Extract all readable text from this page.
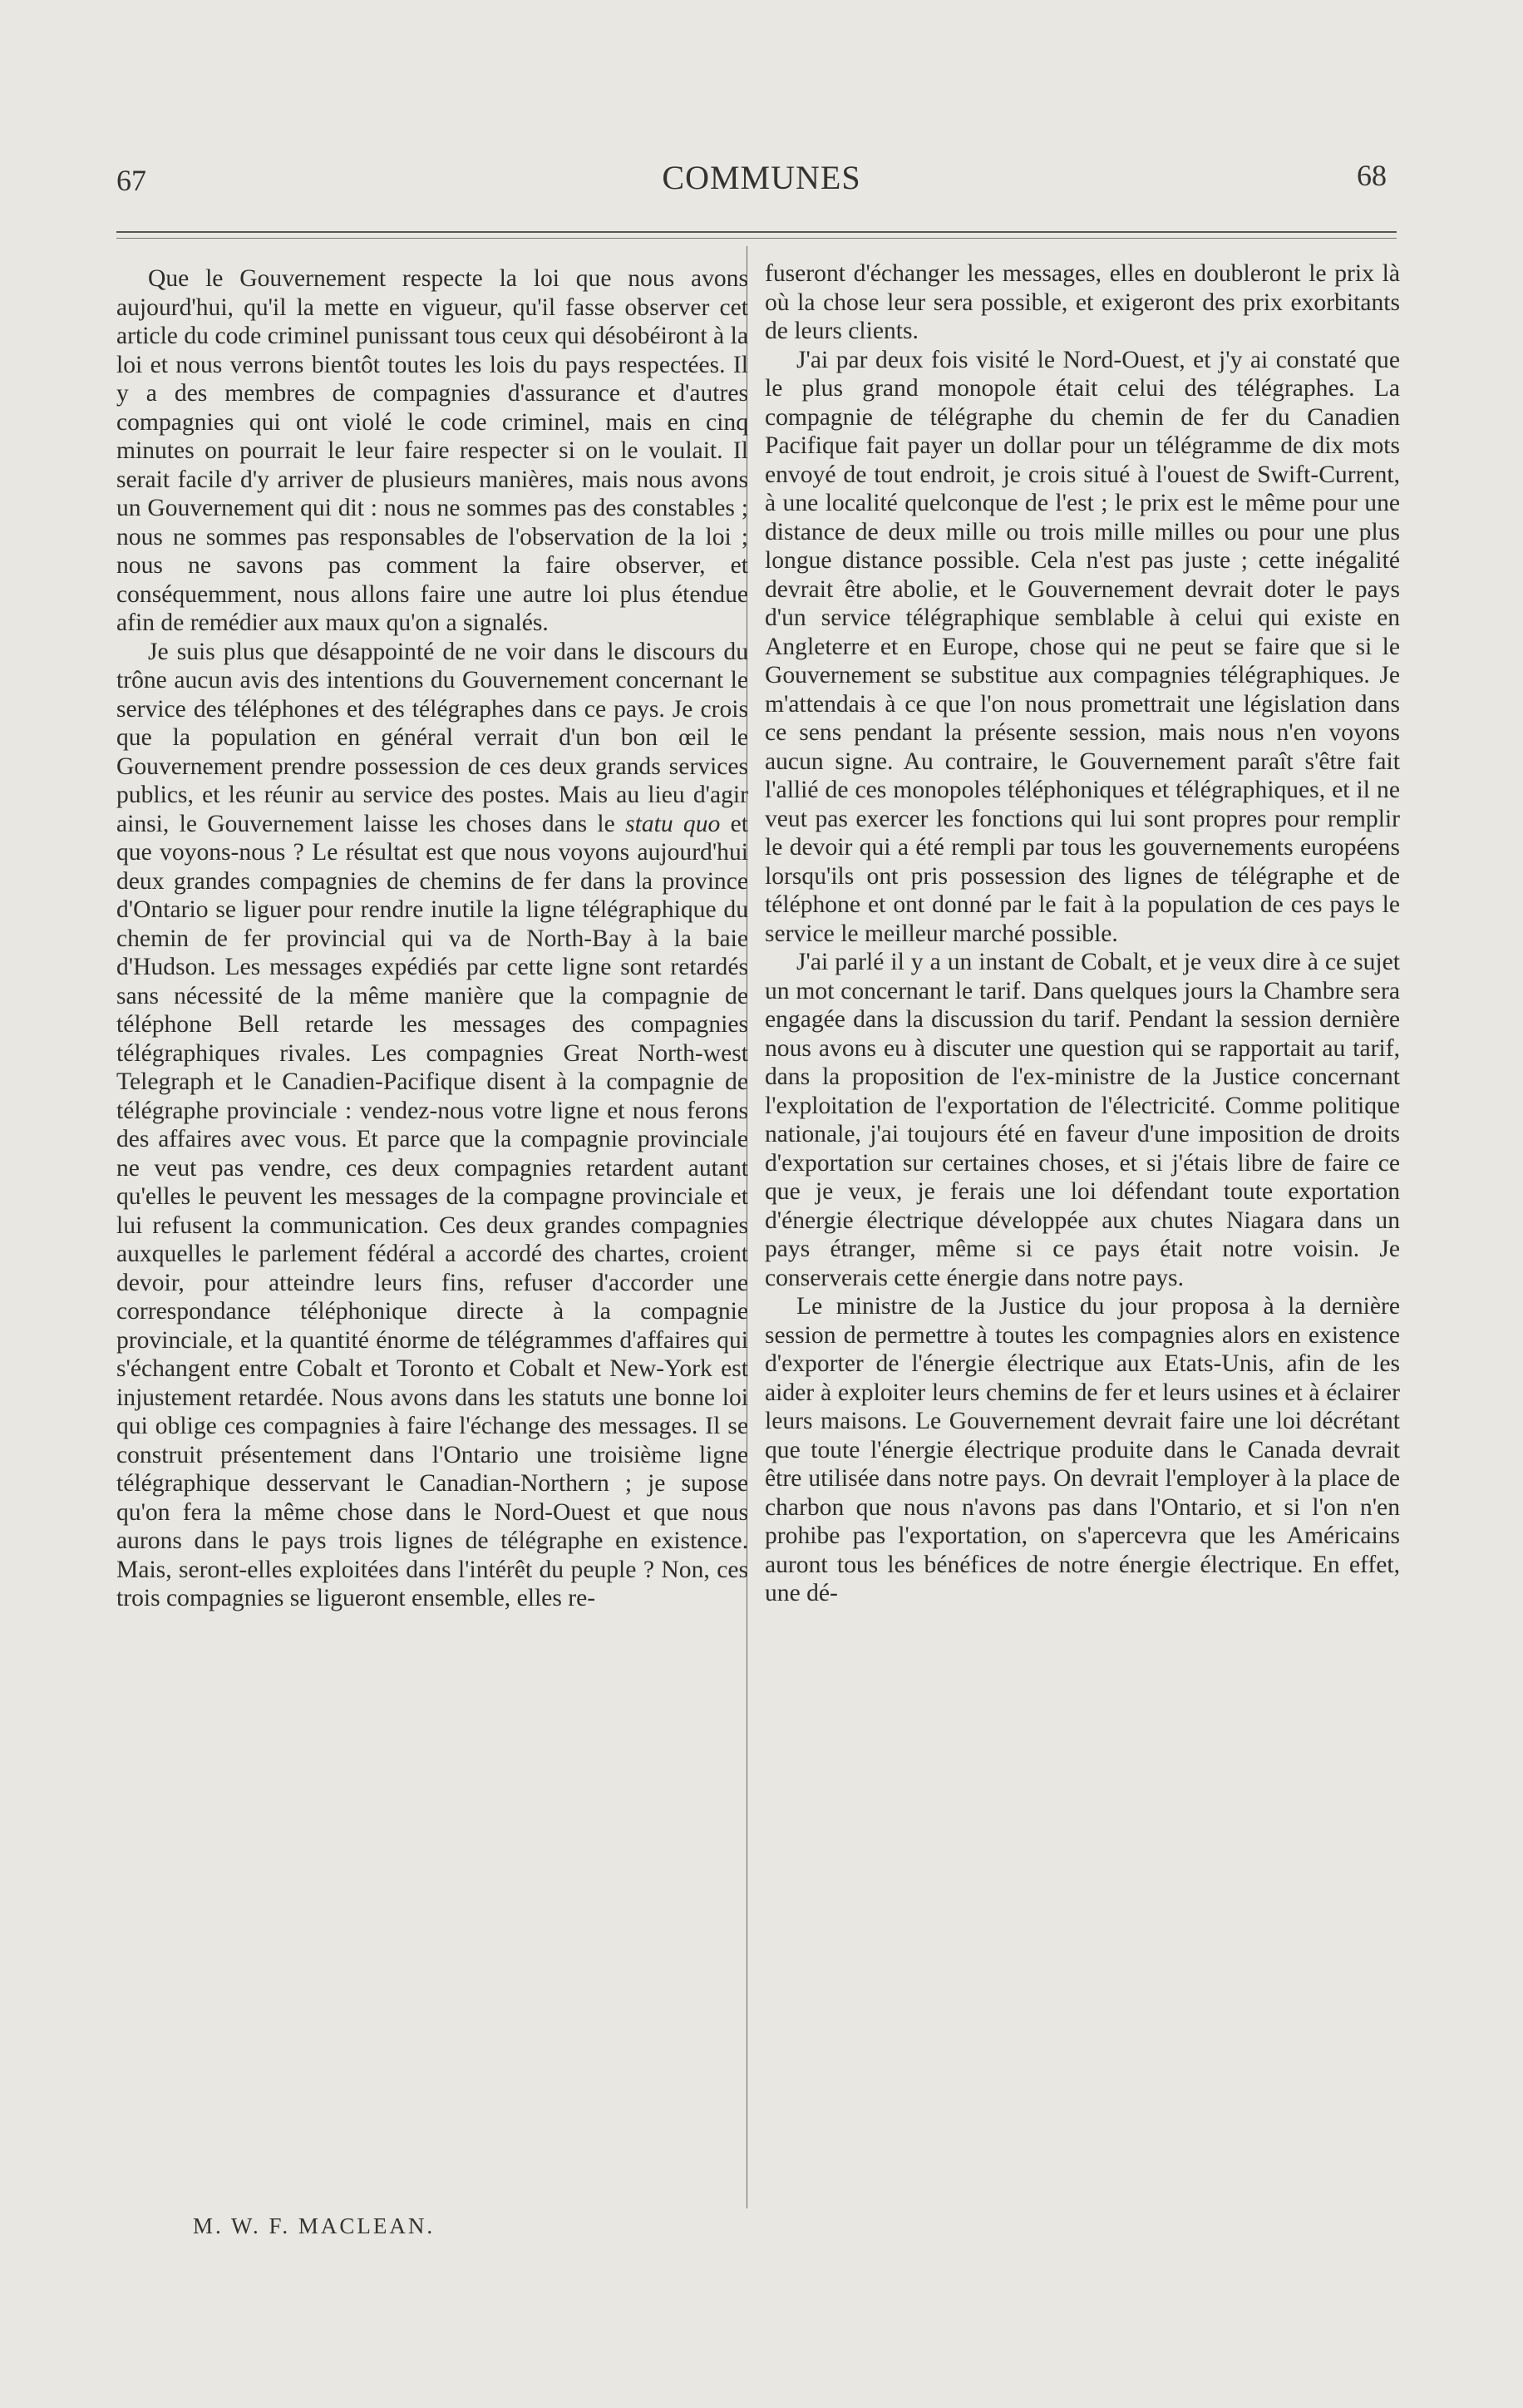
67	COMMUNES	68

Que le Gouvernement respecte la loi que nous avons aujourd'hui, qu'il la mette en vigueur, qu'il fasse observer cet article du code criminel punissant tous ceux qui désobéiront à la loi et nous verrons bientôt toutes les lois du pays respectées. Il y a des membres de compagnies d'assurance et d'autres compagnies qui ont violé le code criminel, mais en cinq minutes on pourrait le leur faire respecter si on le voulait. Il serait facile d'y arriver de plusieurs manières, mais nous avons un Gouvernement qui dit : nous ne sommes pas des constables ; nous ne sommes pas responsables de l'observation de la loi ; nous ne savons pas comment la faire observer, et conséquemment, nous allons faire une autre loi plus étendue afin de remédier aux maux qu'on a signalés.

Je suis plus que désappointé de ne voir dans le discours du trône aucun avis des intentions du Gouvernement concernant le service des téléphones et des télégraphes dans ce pays. Je crois que la population en général verrait d'un bon œil le Gouvernement prendre possession de ces deux grands services publics, et les réunir au service des postes. Mais au lieu d'agir ainsi, le Gouvernement laisse les choses dans le statu quo et que voyons-nous ? Le résultat est que nous voyons aujourd'hui deux grandes compagnies de chemins de fer dans la province d'Ontario se liguer pour rendre inutile la ligne télégraphique du chemin de fer provincial qui va de North-Bay à la baie d'Hudson. Les messages expédiés par cette ligne sont retardés sans nécessité de la même manière que la compagnie de téléphone Bell retarde les messages des compagnies télégraphiques rivales. Les compagnies Great North-west Telegraph et le Canadien-Pacifique disent à la compagnie de télégraphe provinciale : vendez-nous votre ligne et nous ferons des affaires avec vous. Et parce que la compagnie provinciale ne veut pas vendre, ces deux compagnies retardent autant qu'elles le peuvent les messages de la compagne provinciale et lui refusent la communication. Ces deux grandes compagnies auxquelles le parlement fédéral a accordé des chartes, croient devoir, pour atteindre leurs fins, refuser d'accorder une correspondance téléphonique directe à la compagnie provinciale, et la quantité énorme de télégrammes d'affaires qui s'échangent entre Cobalt et Toronto et Cobalt et New-York est injustement retardée. Nous avons dans les statuts une bonne loi qui oblige ces compagnies à faire l'échange des messages. Il se construit présentement dans l'Ontario une troisième ligne télégraphique desservant le Canadian-Northern ; je supose qu'on fera la même chose dans le Nord-Ouest et que nous aurons dans le pays trois lignes de télégraphe en existence. Mais, seront-elles exploitées dans l'intérêt du peuple ? Non, ces trois compagnies se ligueront ensemble, elles re-

M. W. F. MACLEAN.

fuseront d'échanger les messages, elles en doubleront le prix là où la chose leur sera possible, et exigeront des prix exorbitants de leurs clients.

J'ai par deux fois visité le Nord-Ouest, et j'y ai constaté que le plus grand monopole était celui des télégraphes. La compagnie de télégraphe du chemin de fer du Canadien Pacifique fait payer un dollar pour un télégramme de dix mots envoyé de tout endroit, je crois situé à l'ouest de Swift-Current, à une localité quelconque de l'est ; le prix est le même pour une distance de deux mille ou trois mille milles ou pour une plus longue distance possible. Cela n'est pas juste ; cette inégalité devrait être abolie, et le Gouvernement devrait doter le pays d'un service télégraphique semblable à celui qui existe en Angleterre et en Europe, chose qui ne peut se faire que si le Gouvernement se substitue aux compagnies télégraphiques. Je m'attendais à ce que l'on nous promettrait une législation dans ce sens pendant la présente session, mais nous n'en voyons aucun signe. Au contraire, le Gouvernement paraît s'être fait l'allié de ces monopoles téléphoniques et télégraphiques, et il ne veut pas exercer les fonctions qui lui sont propres pour remplir le devoir qui a été rempli par tous les gouvernements européens lorsqu'ils ont pris possession des lignes de télégraphe et de téléphone et ont donné par le fait à la population de ces pays le service le meilleur marché possible.

J'ai parlé il y a un instant de Cobalt, et je veux dire à ce sujet un mot concernant le tarif. Dans quelques jours la Chambre sera engagée dans la discussion du tarif. Pendant la session dernière nous avons eu à discuter une question qui se rapportait au tarif, dans la proposition de l'ex-ministre de la Justice concernant l'exploitation de l'exportation de l'électricité. Comme politique nationale, j'ai toujours été en faveur d'une imposition de droits d'exportation sur certaines choses, et si j'étais libre de faire ce que je veux, je ferais une loi défendant toute exportation d'énergie électrique développée aux chutes Niagara dans un pays étranger, même si ce pays était notre voisin. Je conserverais cette énergie dans notre pays.

Le ministre de la Justice du jour proposa à la dernière session de permettre à toutes les compagnies alors en existence d'exporter de l'énergie électrique aux Etats-Unis, afin de les aider à exploiter leurs chemins de fer et leurs usines et à éclairer leurs maisons. Le Gouvernement devrait faire une loi décrétant que toute l'énergie électrique produite dans le Canada devrait être utilisée dans notre pays. On devrait l'employer à la place de charbon que nous n'avons pas dans l'Ontario, et si l'on n'en prohibe pas l'exportation, on s'apercevra que les Américains auront tous les bénéfices de notre énergie électrique. En effet, une dé-
